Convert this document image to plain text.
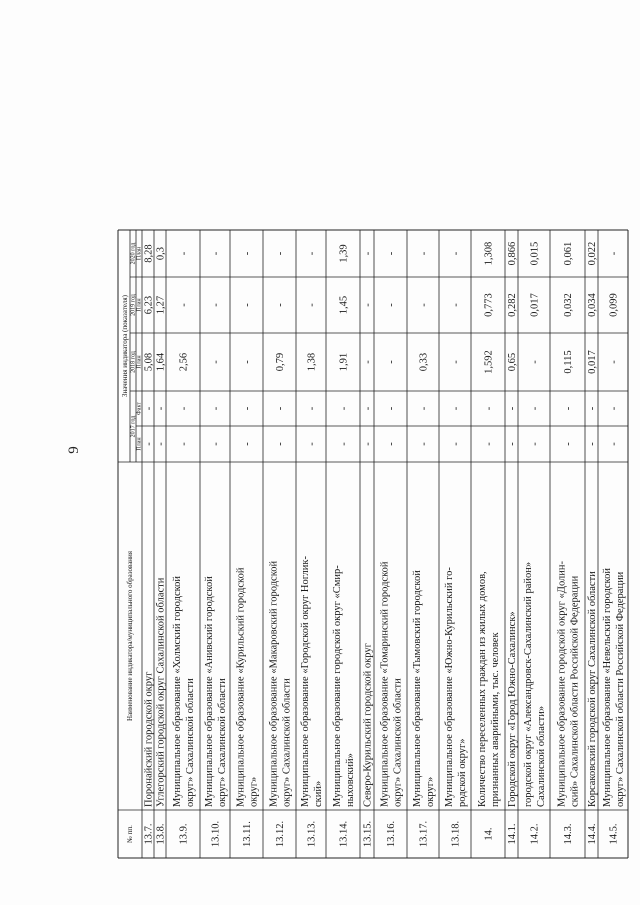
9
№ пп.
Наименование индикатора/муниципального образования
Значения индикатора (показателя)
2017 год
2018 год
2019 год
2020 год
План
Факт
План
План
План
13.7.
Поронайский городской округ
-
-
5,08
6,23
8,28
13.8.
Углегорский городской округ Сахалинской области
-
-
1,64
1,27
0,3
13.9.
Муниципальное образование «Холмский городской округ» Сахалинской области
-
-
2,56
-
-
13.10.
Муниципальное образование «Анивский городской округ» Сахалинской области
-
-
-
-
-
13.11.
Муниципальное образование «Курильский городской округ»
-
-
-
-
-
13.12.
Муниципальное образование «Макаровский городской округ» Сахалинской области
-
-
0,79
-
-
13.13.
Муниципальное образование «Городской округ Ноглик- ский»
-
-
1,38
-
-
13.14.
Муниципальное образование городской округ «Смир- ныховский»
-
-
1,91
1,45
1,39
13.15.
Северо-Курильский городской округ
-
-
-
-
-
13.16.
Муниципальное образование «Томаринский городской округ» Сахалинской области
-
-
-
-
-
13.17.
Муниципальное образование «Тымовский городской округ»
-
-
0,33
-
-
13.18.
Муниципальное образование «Южно-Курильский го- родской округ»
-
-
-
-
-
14.
Количество переселенных граждан из жилых домов, признанных аварийными, тыс. человек
-
-
1,592
0,773
1,308
14.1.
Городской округ «Город Южно-Сахалинск»
-
-
0,65
0,282
0,866
14.2.
городской округ «Александровск-Сахалинский район» Сахалинской области»
-
-
-
0,017
0,015
14.3.
Муниципальное образование городской округ «Долин- ский» Сахалинской области Российской Федерации
-
-
0,115
0,032
0,061
14.4.
Корсаковский городской округ Сахалинской области
-
-
0,017
0,034
0,022
14.5.
Муниципальное образование «Невельский городской округ» Сахалинской области Российской Федерации
-
-
-
0,099
-
